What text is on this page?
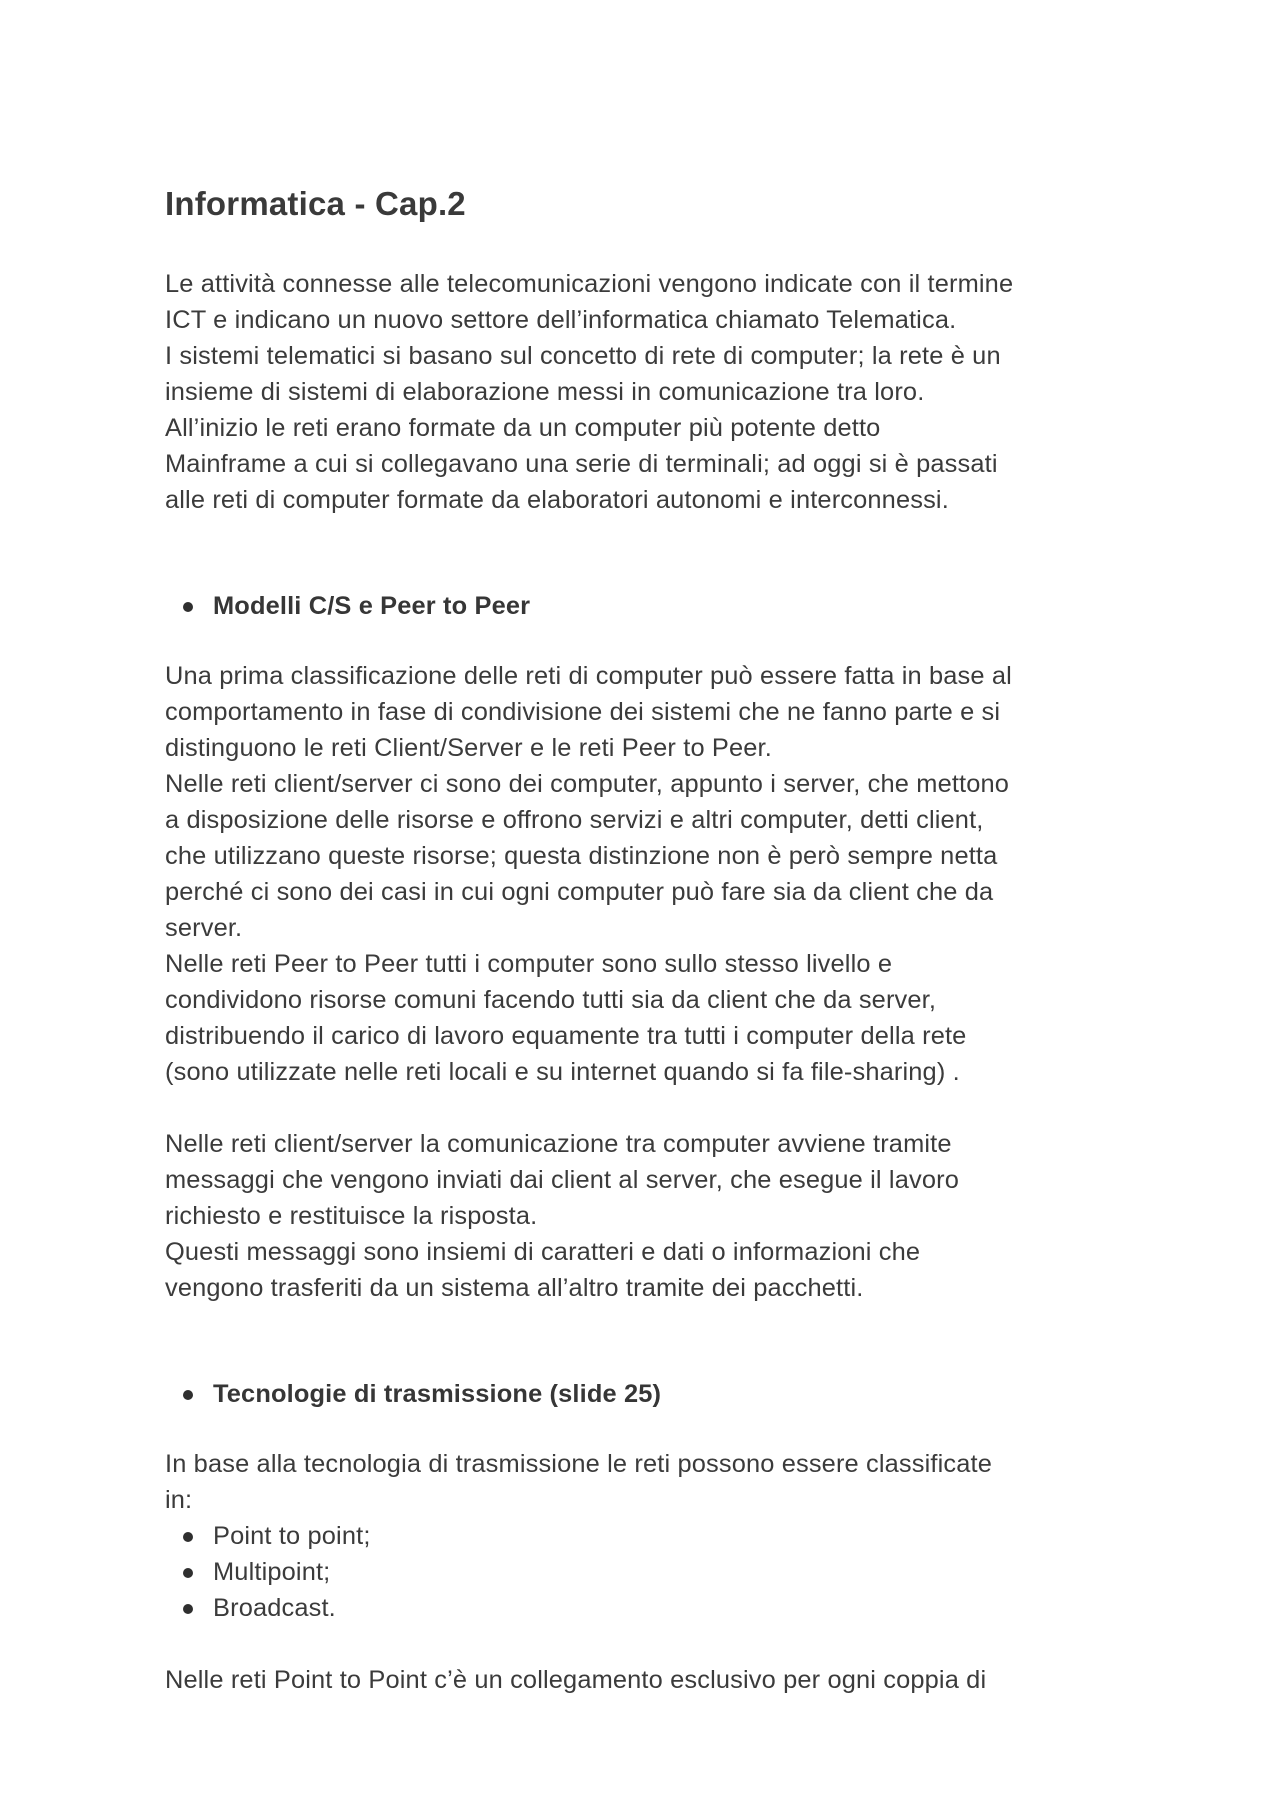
Informatica - Cap.2
Le attività connesse alle telecomunicazioni vengono indicate con il termine
ICT e indicano un nuovo settore dell’informatica chiamato Telematica.
I sistemi telematici si basano sul concetto di rete di computer; la rete è un
insieme di sistemi di elaborazione messi in comunicazione tra loro.
All’inizio le reti erano formate da un computer più potente detto
Mainframe a cui si collegavano una serie di terminali; ad oggi si è passati
alle reti di computer formate da elaboratori autonomi e interconnessi.
Modelli C/S e Peer to Peer
Una prima classificazione delle reti di computer può essere fatta in base al
comportamento in fase di condivisione dei sistemi che ne fanno parte e si
distinguono le reti Client/Server e le reti Peer to Peer.
Nelle reti client/server ci sono dei computer, appunto i server, che mettono
a disposizione delle risorse e offrono servizi e altri computer, detti client,
che utilizzano queste risorse; questa distinzione non è però sempre netta
perché ci sono dei casi in cui ogni computer può fare sia da client che da
server.
Nelle reti Peer to Peer tutti i computer sono sullo stesso livello e
condividono risorse comuni facendo tutti sia da client che da server,
distribuendo il carico di lavoro equamente tra tutti i computer della rete
(sono utilizzate nelle reti locali e su internet quando si fa file-sharing) .
Nelle reti client/server la comunicazione tra computer avviene tramite
messaggi che vengono inviati dai client al server, che esegue il lavoro
richiesto e restituisce la risposta.
Questi messaggi sono insiemi di caratteri e dati o informazioni che
vengono trasferiti da un sistema all’altro tramite dei pacchetti.
Tecnologie di trasmissione (slide 25)
In base alla tecnologia di trasmissione le reti possono essere classificate
in:
Point to point;
Multipoint;
Broadcast.
Nelle reti Point to Point c’è un collegamento esclusivo per ogni coppia di
